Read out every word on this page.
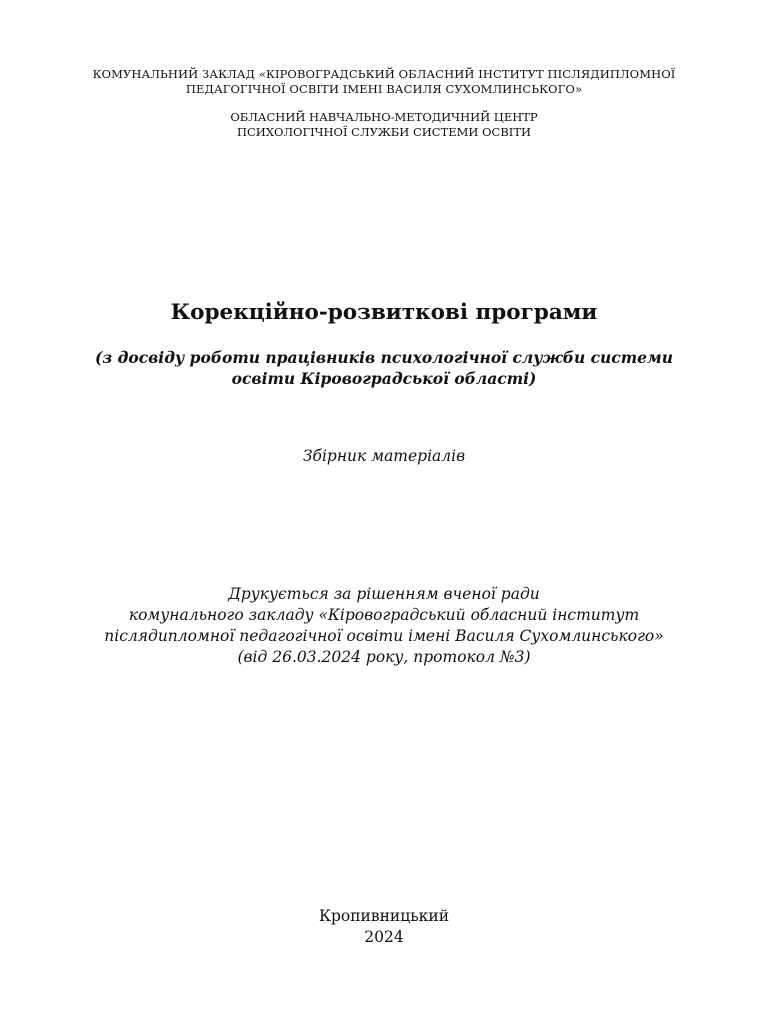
КОМУНАЛЬНИЙ ЗАКЛАД «КІРОВОГРАДСЬКИЙ ОБЛАСНИЙ ІНСТИТУТ ПІСЛЯДИПЛОМНОЇ
ПЕДАГОГІЧНОЇ ОСВІТИ ІМЕНІ ВАСИЛЯ СУХОМЛИНСЬКОГО»
ОБЛАСНИЙ НАВЧАЛЬНО-МЕТОДИЧНИЙ ЦЕНТР
ПСИХОЛОГІЧНОЇ СЛУЖБИ СИСТЕМИ ОСВІТИ
Корекційно-розвиткові програми
(з досвіду роботи працівників психологічної служби системи
освіти Кіровоградської області)
Збірник матеріалів
Друкується за рішенням вченої ради
комунального закладу «Кіровоградський обласний інститут
післядипломної педагогічної освіти імені Василя Сухомлинського»
(від 26.03.2024 року, протокол №3)
Кропивницький
2024
